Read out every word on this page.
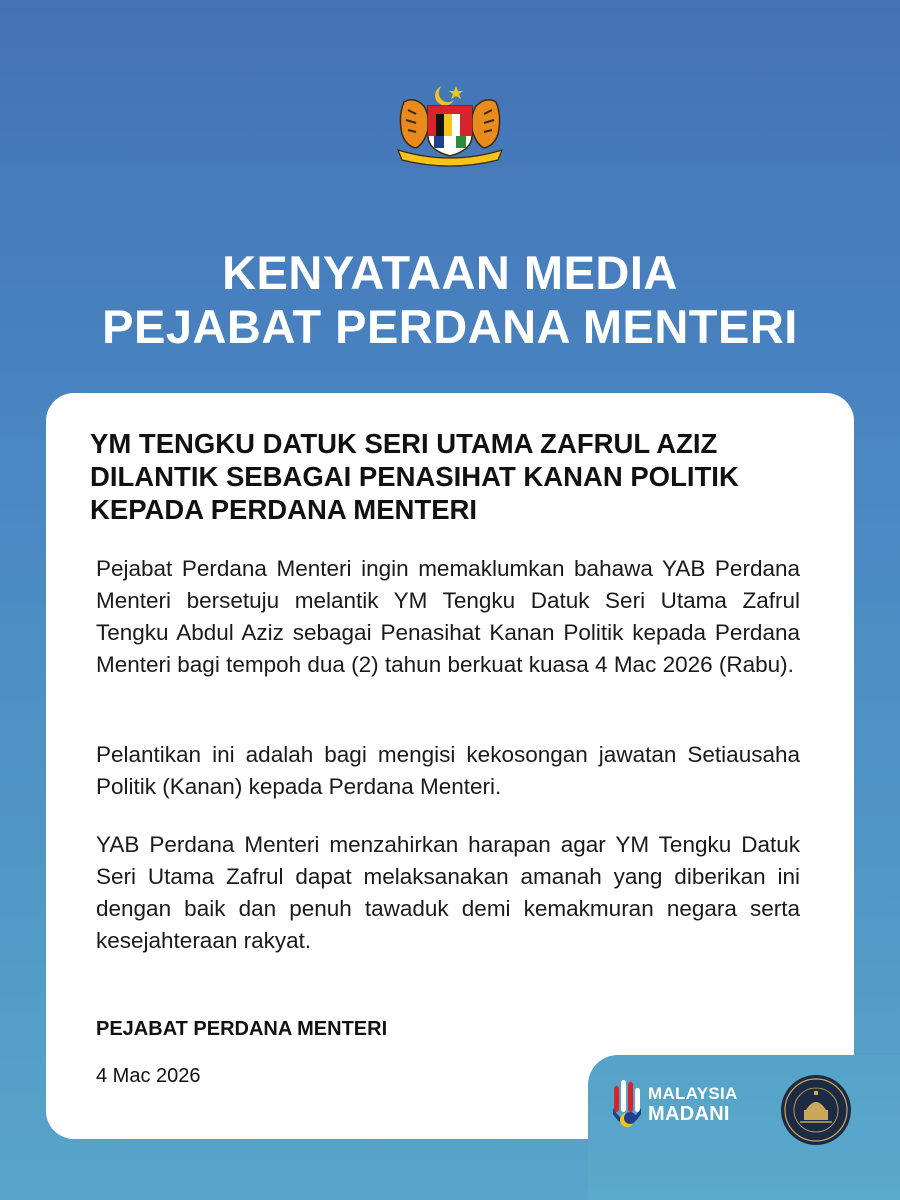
KENYATAAN MEDIA
PEJABAT PERDANA MENTERI
YM TENGKU DATUK SERI UTAMA ZAFRUL AZIZ
DILANTIK SEBAGAI PENASIHAT KANAN POLITIK
KEPADA PERDANA MENTERI
Pejabat Perdana Menteri ingin memaklumkan bahawa YAB Perdana Menteri bersetuju melantik YM Tengku Datuk Seri Utama Zafrul Tengku Abdul Aziz sebagai Penasihat Kanan Politik kepada Perdana Menteri bagi tempoh dua (2) tahun berkuat kuasa 4 Mac 2026 (Rabu).
Pelantikan ini adalah bagi mengisi kekosongan jawatan Setiausaha Politik (Kanan) kepada Perdana Menteri.
YAB Perdana Menteri menzahirkan harapan agar YM Tengku Datuk Seri Utama Zafrul dapat melaksanakan amanah yang diberikan ini dengan baik dan penuh tawaduk demi kemakmuran negara serta kesejahteraan rakyat.
PEJABAT PERDANA MENTERI
4 Mac 2026
MALAYSIA
MADANI
